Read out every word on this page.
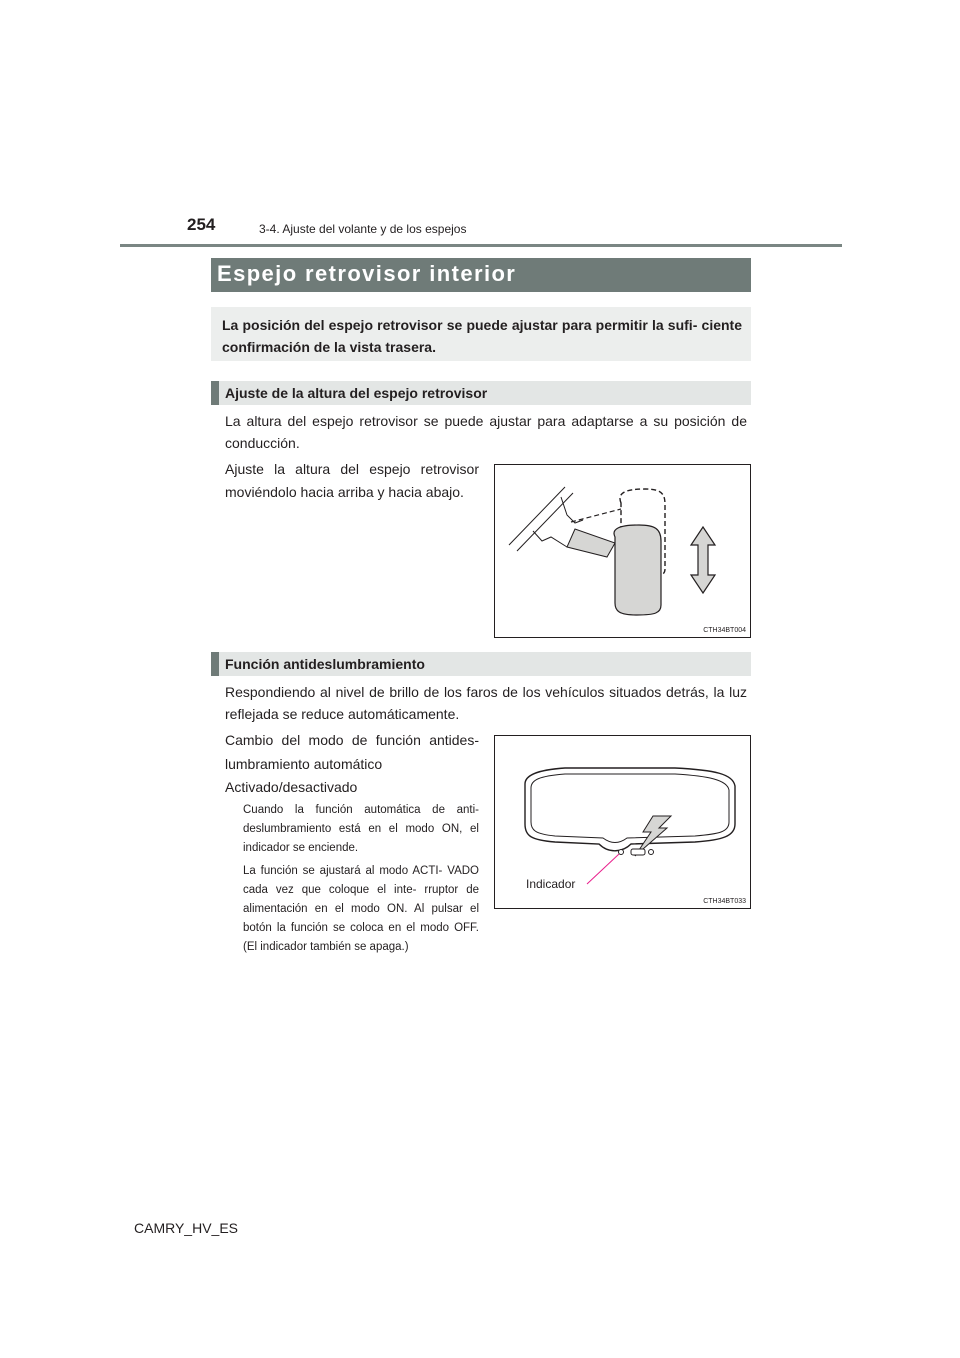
254	3-4. Ajuste del volante y de los espejos
Espejo retrovisor interior
La posición del espejo retrovisor se puede ajustar para permitir la sufi- ciente confirmación de la vista trasera.
Ajuste de la altura del espejo retrovisor
La altura del espejo retrovisor se puede ajustar para adaptarse a su posición de conducción.
Ajuste la altura del espejo retrovisor moviéndolo hacia arriba y hacia abajo.
CTH34BT004
Función antideslumbramiento
Respondiendo al nivel de brillo de los faros de los vehículos situados detrás, la luz reflejada se reduce automáticamente.
Cambio del modo de función antides- lumbramiento automático
Activado/desactivado
Cuando la función automática de anti- deslumbramiento está en el modo ON, el indicador se enciende.
La función se ajustará al modo ACTI- VADO cada vez que coloque el inte- rruptor de alimentación en el modo ON. Al pulsar el botón la función se coloca en el modo OFF. (El indicador también se apaga.)
Indicador
CTH34BT033
CAMRY_HV_ES
